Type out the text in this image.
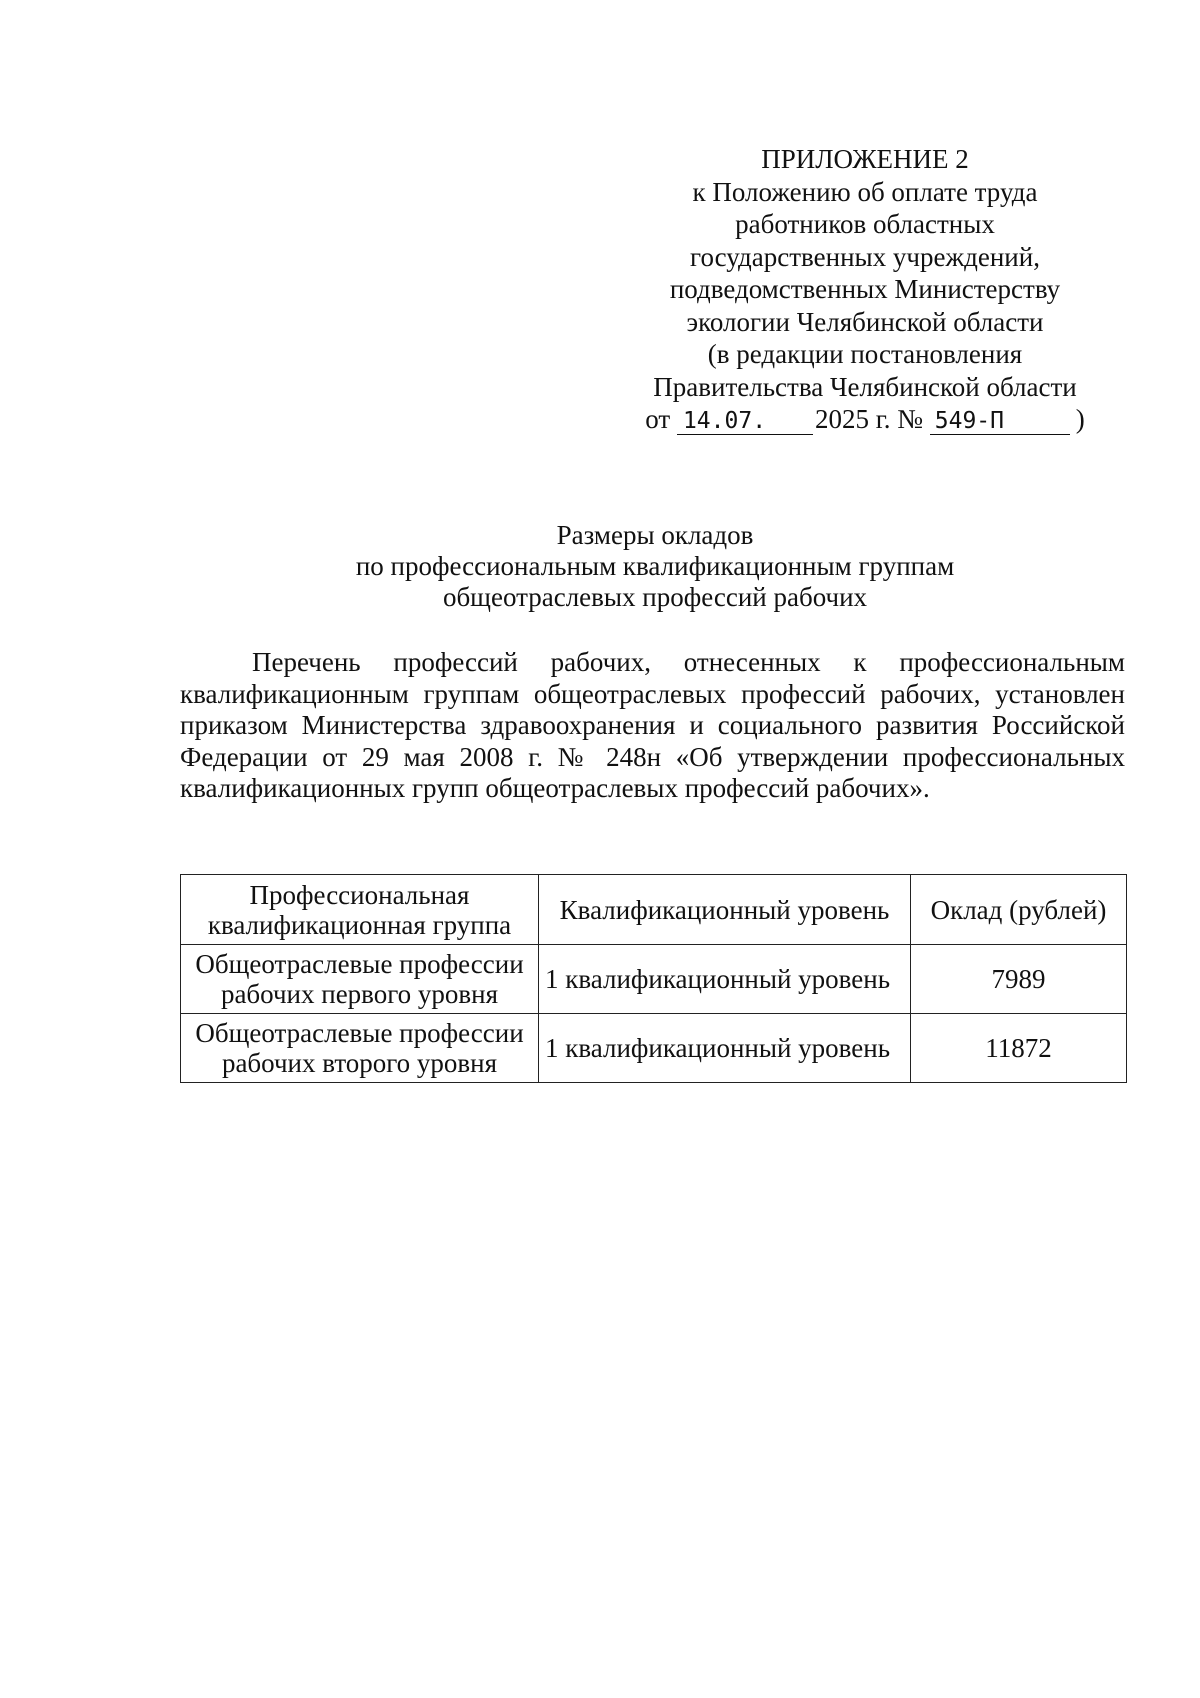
ПРИЛОЖЕНИЕ 2
к Положению об оплате труда
работников областных
государственных учреждений,
подведомственных Министерству
экологии Челябинской области
(в редакции постановления
Правительства Челябинской области
от 14.07. 2025 г. № 549-П	)
Размеры окладов
по профессиональным квалификационным группам
общеотраслевых профессий рабочих

Перечень профессий рабочих, отнесенных к профессиональным квалификационным группам общеотраслевых профессий рабочих, установлен приказом Министерства здравоохранения и социального развития Российской Федерации от 29 мая 2008 г. № 248н «Об утверждении профессиональных квалификационных групп общеотраслевых профессий рабочих».

Профессиональная квалификационная группа	Квалификационный уровень	Оклад (рублей)
Общеотраслевые профессии рабочих первого уровня	1 квалификационный уровень	7989
Общеотраслевые профессии рабочих второго уровня	1 квалификационный уровень	11872
